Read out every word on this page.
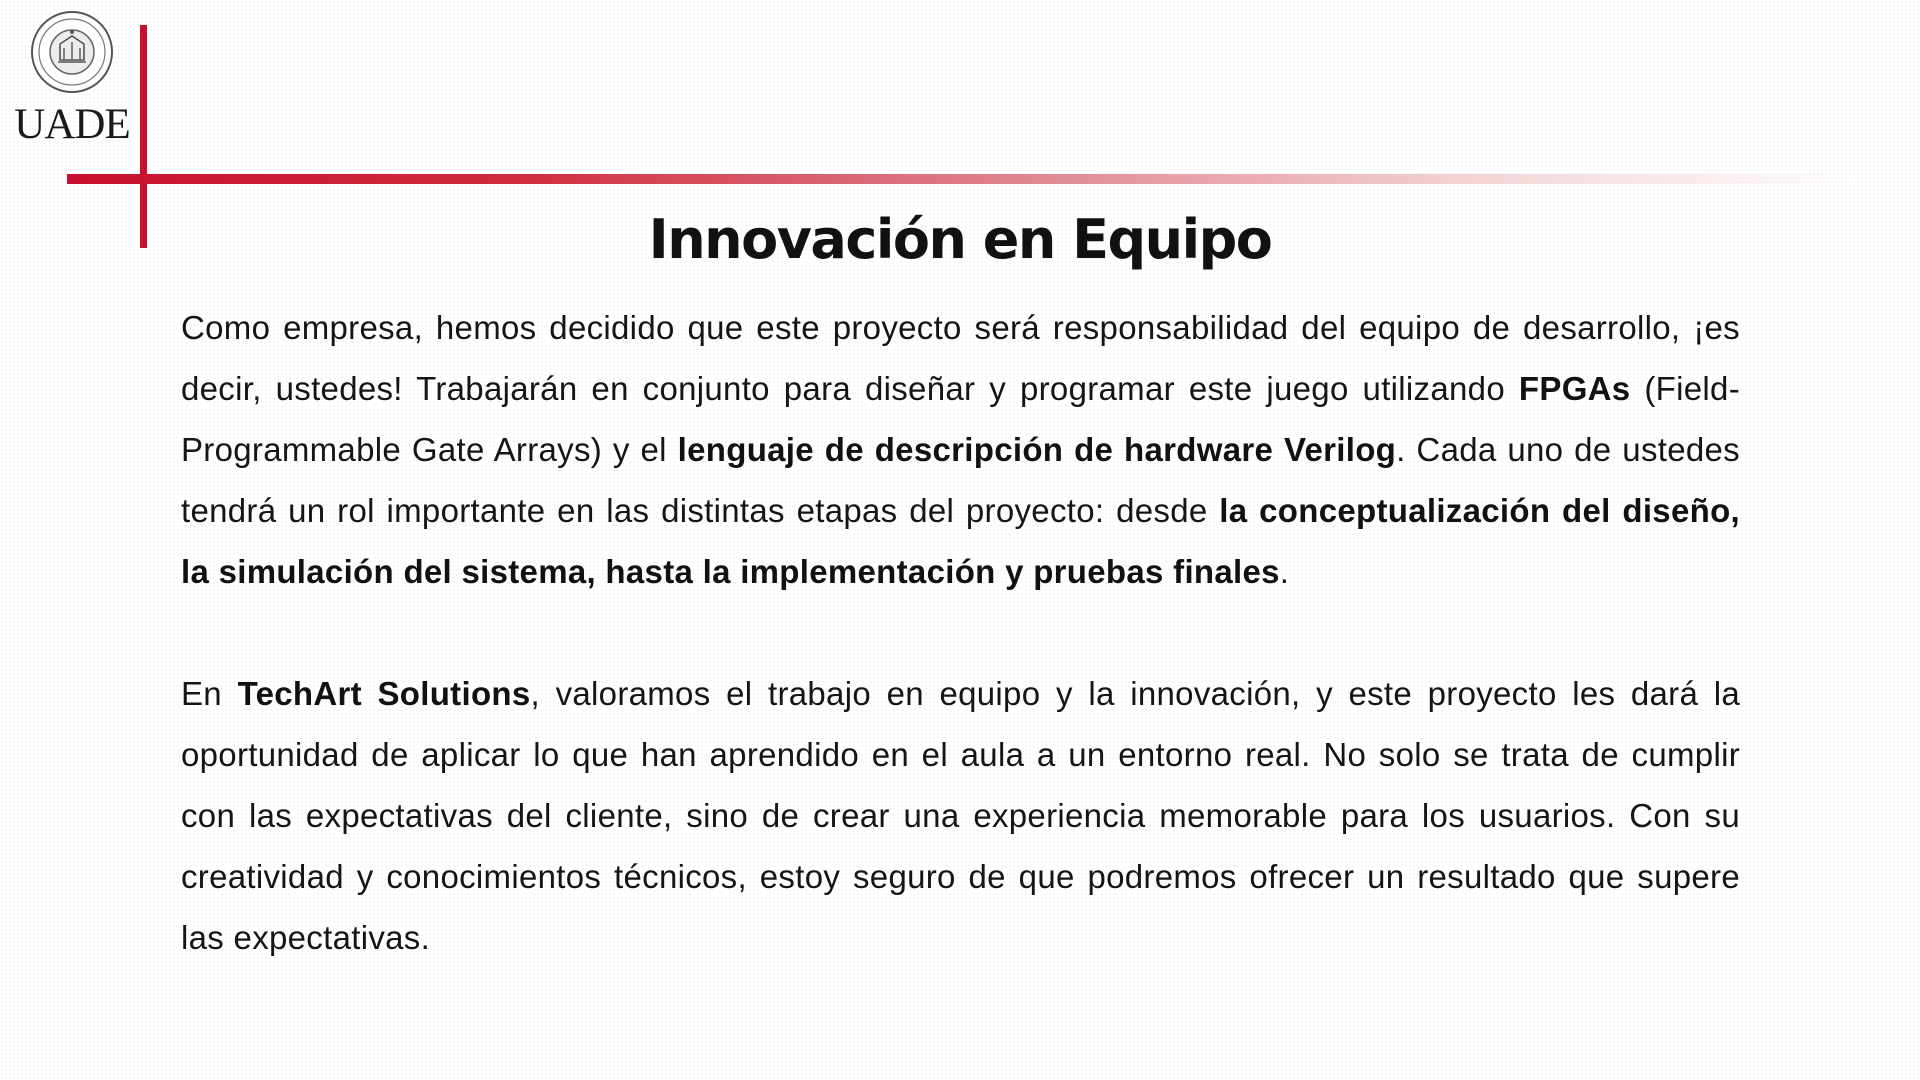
UADE
Innovación en Equipo

Como empresa, hemos decidido que este proyecto será responsabilidad del equipo de desarrollo, ¡es decir, ustedes! Trabajarán en conjunto para diseñar y programar este juego utilizando FPGAs (Field-Programmable Gate Arrays) y el lenguaje de descripción de hardware Verilog. Cada uno de ustedes tendrá un rol importante en las distintas etapas del proyecto: desde la conceptualización del diseño, la simulación del sistema, hasta la implementación y pruebas finales.

En TechArt Solutions, valoramos el trabajo en equipo y la innovación, y este proyecto les dará la oportunidad de aplicar lo que han aprendido en el aula a un entorno real. No solo se trata de cumplir con las expectativas del cliente, sino de crear una experiencia memorable para los usuarios. Con su creatividad y conocimientos técnicos, estoy seguro de que podremos ofrecer un resultado que supere las expectativas.
